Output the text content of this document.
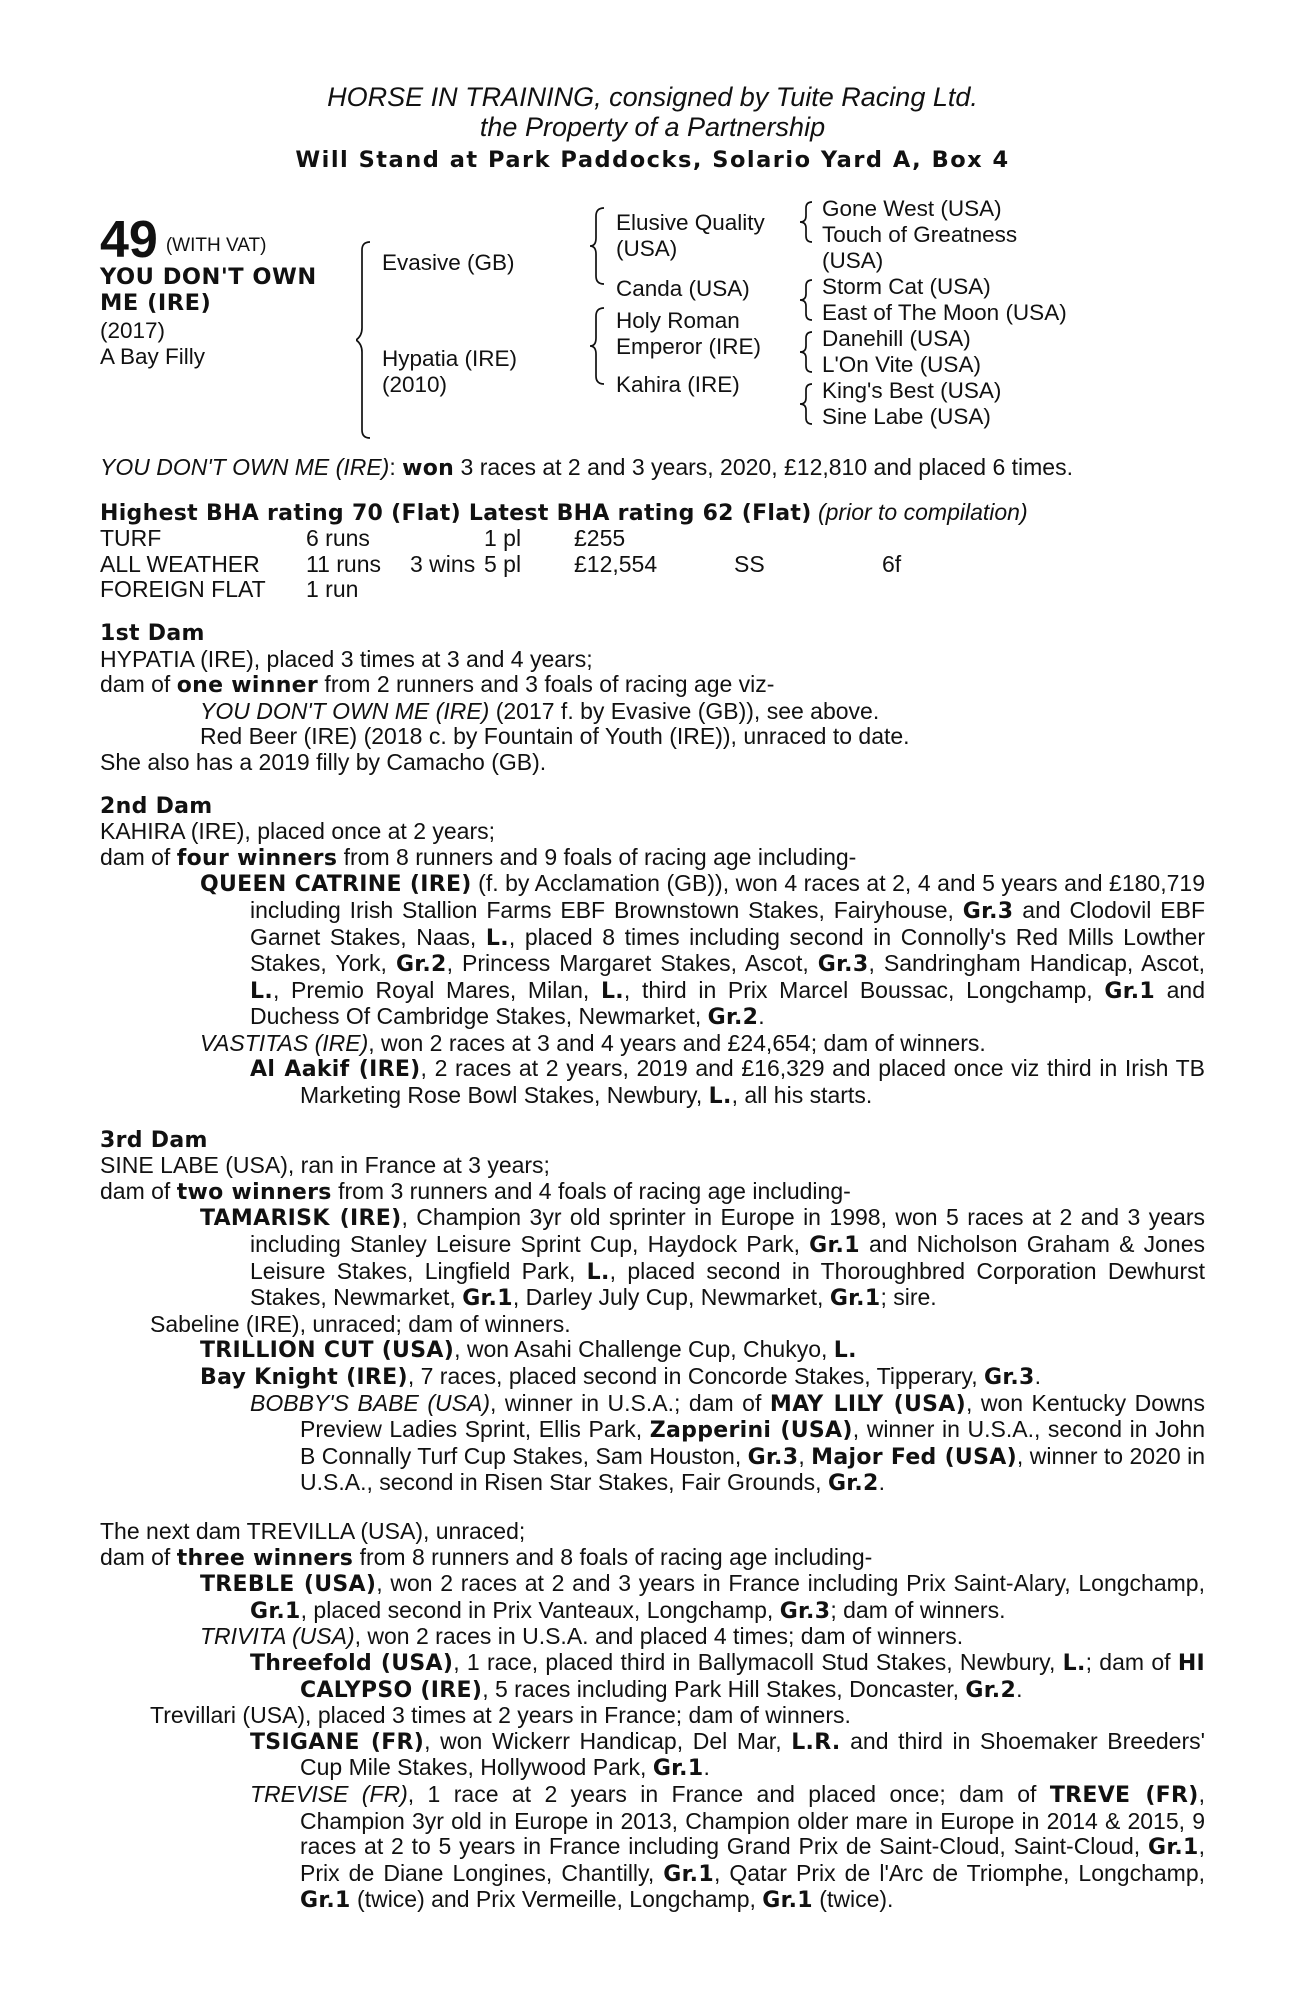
HORSE IN TRAINING, consigned by Tuite Racing Ltd.
the Property of a Partnership
Will Stand at Park Paddocks, Solario Yard A, Box 4
49 $^{(WITH VAT)}$
YOU DON'T OWN
ME (IRE)
(2017)
A Bay Filly
Evasive (GB)
Hypatia (IRE)
(2010)
Elusive Quality
(USA)
Canda (USA)
Holy Roman
Emperor (IRE)
Kahira (IRE)
Gone West (USA)
Touch of Greatness
(USA)
Storm Cat (USA)
East of The Moon (USA)
Danehill (USA)
L'On Vite (USA)
King's Best (USA)
Sine Labe (USA)

YOU DON'T OWN ME (IRE): won 3 races at 2 and 3 years, 2020, £12,810 and placed 6 times.

Highest BHA rating 70 (Flat) Latest BHA rating 62 (Flat) (prior to compilation)

TURF	6 runs		1 pl	£255		
ALL WEATHER	11 runs	3 wins	5 pl	£12,554	SS	6f
FOREIGN FLAT	1 run					

1st Dam

HYPATIA (IRE), placed 3 times at 3 and 4 years;

dam of one winner from 2 runners and 3 foals of racing age viz-

YOU DON'T OWN ME (IRE) (2017 f. by Evasive (GB)), see above.

Red Beer (IRE) (2018 c. by Fountain of Youth (IRE)), unraced to date.

She also has a 2019 filly by Camacho (GB).

2nd Dam

KAHIRA (IRE), placed once at 2 years;

dam of four winners from 8 runners and 9 foals of racing age including-

QUEEN CATRINE (IRE) (f. by Acclamation (GB)), won 4 races at 2, 4 and 5 years and £180,719 including Irish Stallion Farms EBF Brownstown Stakes, Fairyhouse, Gr.3 and Clodovil EBF Garnet Stakes, Naas, L., placed 8 times including second in Connolly's Red Mills Lowther Stakes, York, Gr.2, Princess Margaret Stakes, Ascot, Gr.3, Sandringham Handicap, Ascot, L., Premio Royal Mares, Milan, L., third in Prix Marcel Boussac, Longchamp, Gr.1 and Duchess Of Cambridge Stakes, Newmarket, Gr.2.

VASTITAS (IRE), won 2 races at 3 and 4 years and £24,654; dam of winners.

Al Aakif (IRE), 2 races at 2 years, 2019 and £16,329 and placed once viz third in Irish TB Marketing Rose Bowl Stakes, Newbury, L., all his starts.

3rd Dam

SINE LABE (USA), ran in France at 3 years;

dam of two winners from 3 runners and 4 foals of racing age including-

TAMARISK (IRE), Champion 3yr old sprinter in Europe in 1998, won 5 races at 2 and 3 years including Stanley Leisure Sprint Cup, Haydock Park, Gr.1 and Nicholson Graham & Jones Leisure Stakes, Lingfield Park, L., placed second in Thoroughbred Corporation Dewhurst Stakes, Newmarket, Gr.1, Darley July Cup, Newmarket, Gr.1; sire.

Sabeline (IRE), unraced; dam of winners.

TRILLION CUT (USA), won Asahi Challenge Cup, Chukyo, L.

Bay Knight (IRE), 7 races, placed second in Concorde Stakes, Tipperary, Gr.3.

BOBBY'S BABE (USA), winner in U.S.A.; dam of MAY LILY (USA), won Kentucky Downs Preview Ladies Sprint, Ellis Park, Zapperini (USA), winner in U.S.A., second in John B Connally Turf Cup Stakes, Sam Houston, Gr.3, Major Fed (USA), winner to 2020 in U.S.A., second in Risen Star Stakes, Fair Grounds, Gr.2.

The next dam TREVILLA (USA), unraced;

dam of three winners from 8 runners and 8 foals of racing age including-

TREBLE (USA), won 2 races at 2 and 3 years in France including Prix Saint-Alary, Longchamp, Gr.1, placed second in Prix Vanteaux, Longchamp, Gr.3; dam of winners.

TRIVITA (USA), won 2 races in U.S.A. and placed 4 times; dam of winners.

Threefold (USA), 1 race, placed third in Ballymacoll Stud Stakes, Newbury, L.; dam of HI CALYPSO (IRE), 5 races including Park Hill Stakes, Doncaster, Gr.2.

Trevillari (USA), placed 3 times at 2 years in France; dam of winners.

TSIGANE (FR), won Wickerr Handicap, Del Mar, L.R. and third in Shoemaker Breeders' Cup Mile Stakes, Hollywood Park, Gr.1.

TREVISE (FR), 1 race at 2 years in France and placed once; dam of TREVE (FR), Champion 3yr old in Europe in 2013, Champion older mare in Europe in 2014 & 2015, 9 races at 2 to 5 years in France including Grand Prix de Saint-Cloud, Saint-Cloud, Gr.1, Prix de Diane Longines, Chantilly, Gr.1, Qatar Prix de l'Arc de Triomphe, Longchamp, Gr.1 (twice) and Prix Vermeille, Longchamp, Gr.1 (twice).
